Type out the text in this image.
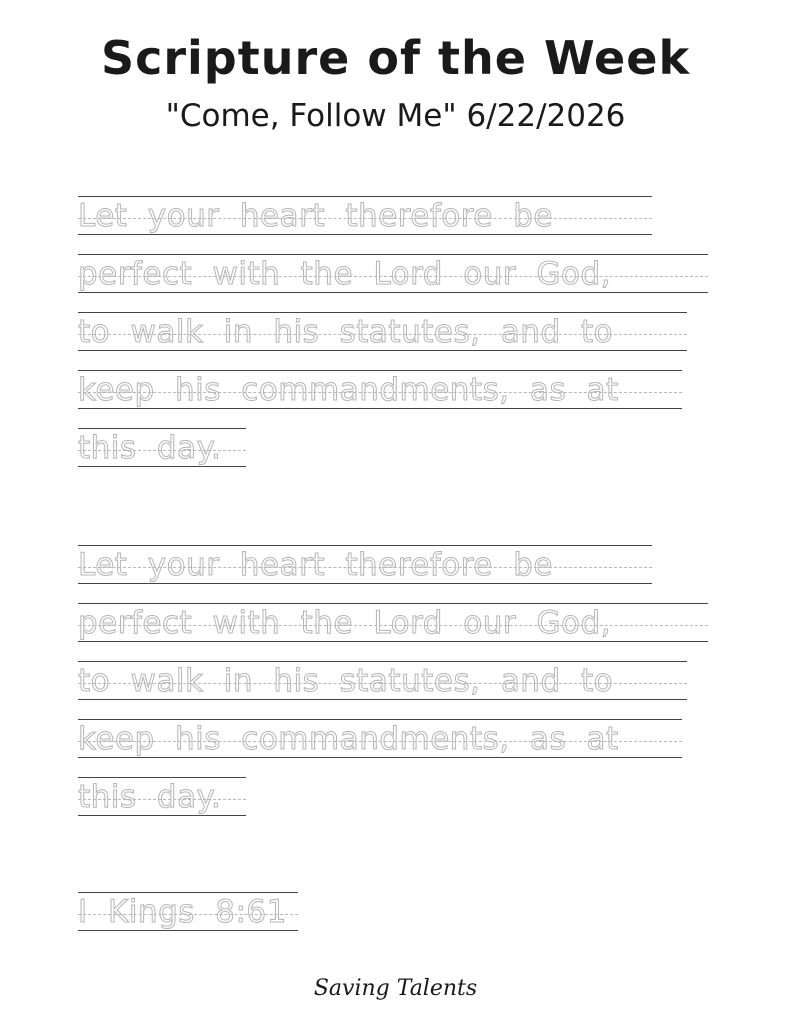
Scripture of the Week
"Come, Follow Me" 6/22/2026
Let your heart therefore be
perfect with the Lord our God,
to walk in his statutes, and to
keep his commandments, as at
this day.
Let your heart therefore be
perfect with the Lord our God,
to walk in his statutes, and to
keep his commandments, as at
this day.
I Kings 8:61
Saving Talents
